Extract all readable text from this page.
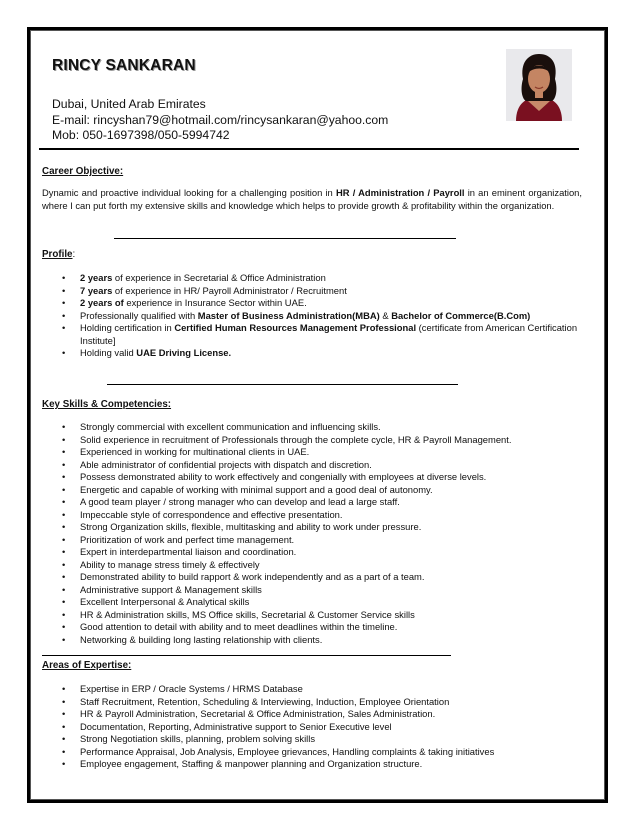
RINCY SANKARAN
Dubai, United Arab Emirates
E-mail: rincyshan79@hotmail.com/rincysankaran@yahoo.com
Mob: 050-1697398/050-5994742
Career Objective:
Dynamic and proactive individual looking for a challenging position in HR / Administration / Payroll in an eminent organization, where I can put forth my extensive skills and knowledge which helps to provide growth & profitability within the organization.
Profile:
• 2 years of experience in Secretarial & Office Administration
• 7 years of experience in HR/ Payroll Administrator / Recruitment
• 2 years of experience in Insurance Sector within UAE.
• Professionally qualified with Master of Business Administration(MBA) & Bachelor of Commerce(B.Com)
• Holding certification in Certified Human Resources Management Professional (certificate from American Certification Institute]
• Holding valid UAE Driving License.
Key Skills & Competencies:
• Strongly commercial with excellent communication and influencing skills.
• Solid experience in recruitment of Professionals through the complete cycle, HR & Payroll Management.
• Experienced in working for multinational clients in UAE.
• Able administrator of confidential projects with dispatch and discretion.
• Possess demonstrated ability to work effectively and congenially with employees at diverse levels.
• Energetic and capable of working with minimal support and a good deal of autonomy.
• A good team player / strong manager who can develop and lead a large staff.
• Impeccable style of correspondence and effective presentation.
• Strong Organization skills, flexible, multitasking and ability to work under pressure.
• Prioritization of work and perfect time management.
• Expert in interdepartmental liaison and coordination.
• Ability to manage stress timely & effectively
• Demonstrated ability to build rapport & work independently and as a part of a team.
• Administrative support & Management skills
• Excellent Interpersonal & Analytical skills
• HR & Administration skills, MS Office skills, Secretarial & Customer Service skills
• Good attention to detail with ability and to meet deadlines within the timeline.
• Networking & building long lasting relationship with clients.
Areas of Expertise:
• Expertise in ERP / Oracle Systems / HRMS Database
• Staff Recruitment, Retention, Scheduling & Interviewing, Induction, Employee Orientation
• HR & Payroll Administration, Secretarial & Office Administration, Sales Administration.
• Documentation, Reporting, Administrative support to Senior Executive level
• Strong Negotiation skills, planning, problem solving skills
• Performance Appraisal, Job Analysis, Employee grievances, Handling complaints & taking initiatives
• Employee engagement, Staffing & manpower planning and Organization structure.
